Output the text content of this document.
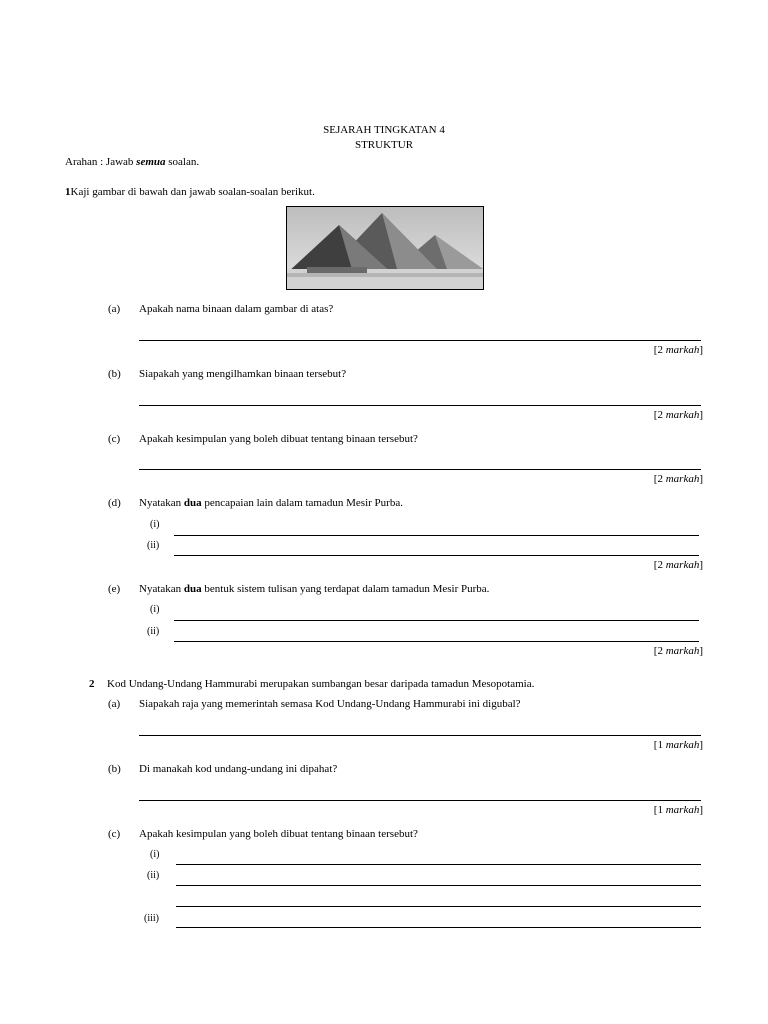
SEJARAH TINGKATAN 4
STRUKTUR
Arahan : Jawab semua soalan.
1Kaji gambar di bawah dan jawab soalan-soalan berikut.
(a) Apakah nama binaan dalam gambar di atas?
[2 markah]
(b) Siapakah yang mengilhamkan binaan tersebut?
[2 markah]
(c) Apakah kesimpulan yang boleh dibuat tentang binaan tersebut?
[2 markah]
(d) Nyatakan dua pencapaian lain dalam tamadun Mesir Purba.
(i)
(ii)
[2 markah]
(e) Nyatakan dua bentuk sistem tulisan yang terdapat dalam tamadun Mesir Purba.
(i)
(ii)
[2 markah]
2 Kod Undang-Undang Hammurabi merupakan sumbangan besar daripada tamadun Mesopotamia.
(a) Siapakah raja yang memerintah semasa Kod Undang-Undang Hammurabi ini digubal?
[1 markah]
(b) Di manakah kod undang-undang ini dipahat?
[1 markah]
(c) Apakah kesimpulan yang boleh dibuat tentang binaan tersebut?
(i)
(ii)
(iii)
